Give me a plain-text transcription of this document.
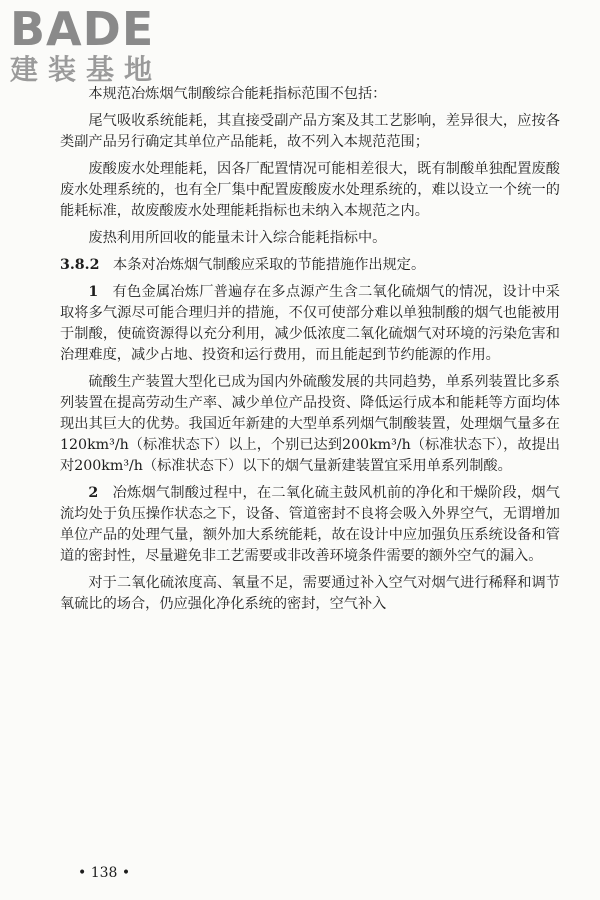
BADE
建装基地

本规范冶炼烟气制酸综合能耗指标范围不包括：

尾气吸收系统能耗，其直接受副产品方案及其工艺影响，差异很大，应按各类副产品另行确定其单位产品能耗，故不列入本规范范围；

废酸废水处理能耗，因各厂配置情况可能相差很大，既有制酸单独配置废酸废水处理系统的，也有全厂集中配置废酸废水处理系统的，难以设立一个统一的能耗标准，故废酸废水处理能耗指标也未纳入本规范之内。

废热利用所回收的能量未计入综合能耗指标中。

3.8.2 本条对冶炼烟气制酸应采取的节能措施作出规定。

1 有色金属冶炼厂普遍存在多点源产生含二氧化硫烟气的情况，设计中采取将多气源尽可能合理归并的措施，不仅可使部分难以单独制酸的烟气也能被用于制酸，使硫资源得以充分利用，减少低浓度二氧化硫烟气对环境的污染危害和治理难度，减少占地、投资和运行费用，而且能起到节约能源的作用。

硫酸生产装置大型化已成为国内外硫酸发展的共同趋势，单系列装置比多系列装置在提高劳动生产率、减少单位产品投资、降低运行成本和能耗等方面均体现出其巨大的优势。我国近年新建的大型单系列烟气制酸装置，处理烟气量多在120km³/h（标准状态下）以上，个别已达到200km³/h（标准状态下），故提出对200km³/h（标准状态下）以下的烟气量新建装置宜采用单系列制酸。

2 冶炼烟气制酸过程中，在二氧化硫主鼓风机前的净化和干燥阶段，烟气流均处于负压操作状态之下，设备、管道密封不良将会吸入外界空气，无谓增加单位产品的处理气量，额外加大系统能耗，故在设计中应加强负压系统设备和管道的密封性，尽量避免非工艺需要或非改善环境条件需要的额外空气的漏入。

对于二氧化硫浓度高、氧量不足，需要通过补入空气对烟气进行稀释和调节氧硫比的场合，仍应强化净化系统的密封，空气补入

• 138 •
